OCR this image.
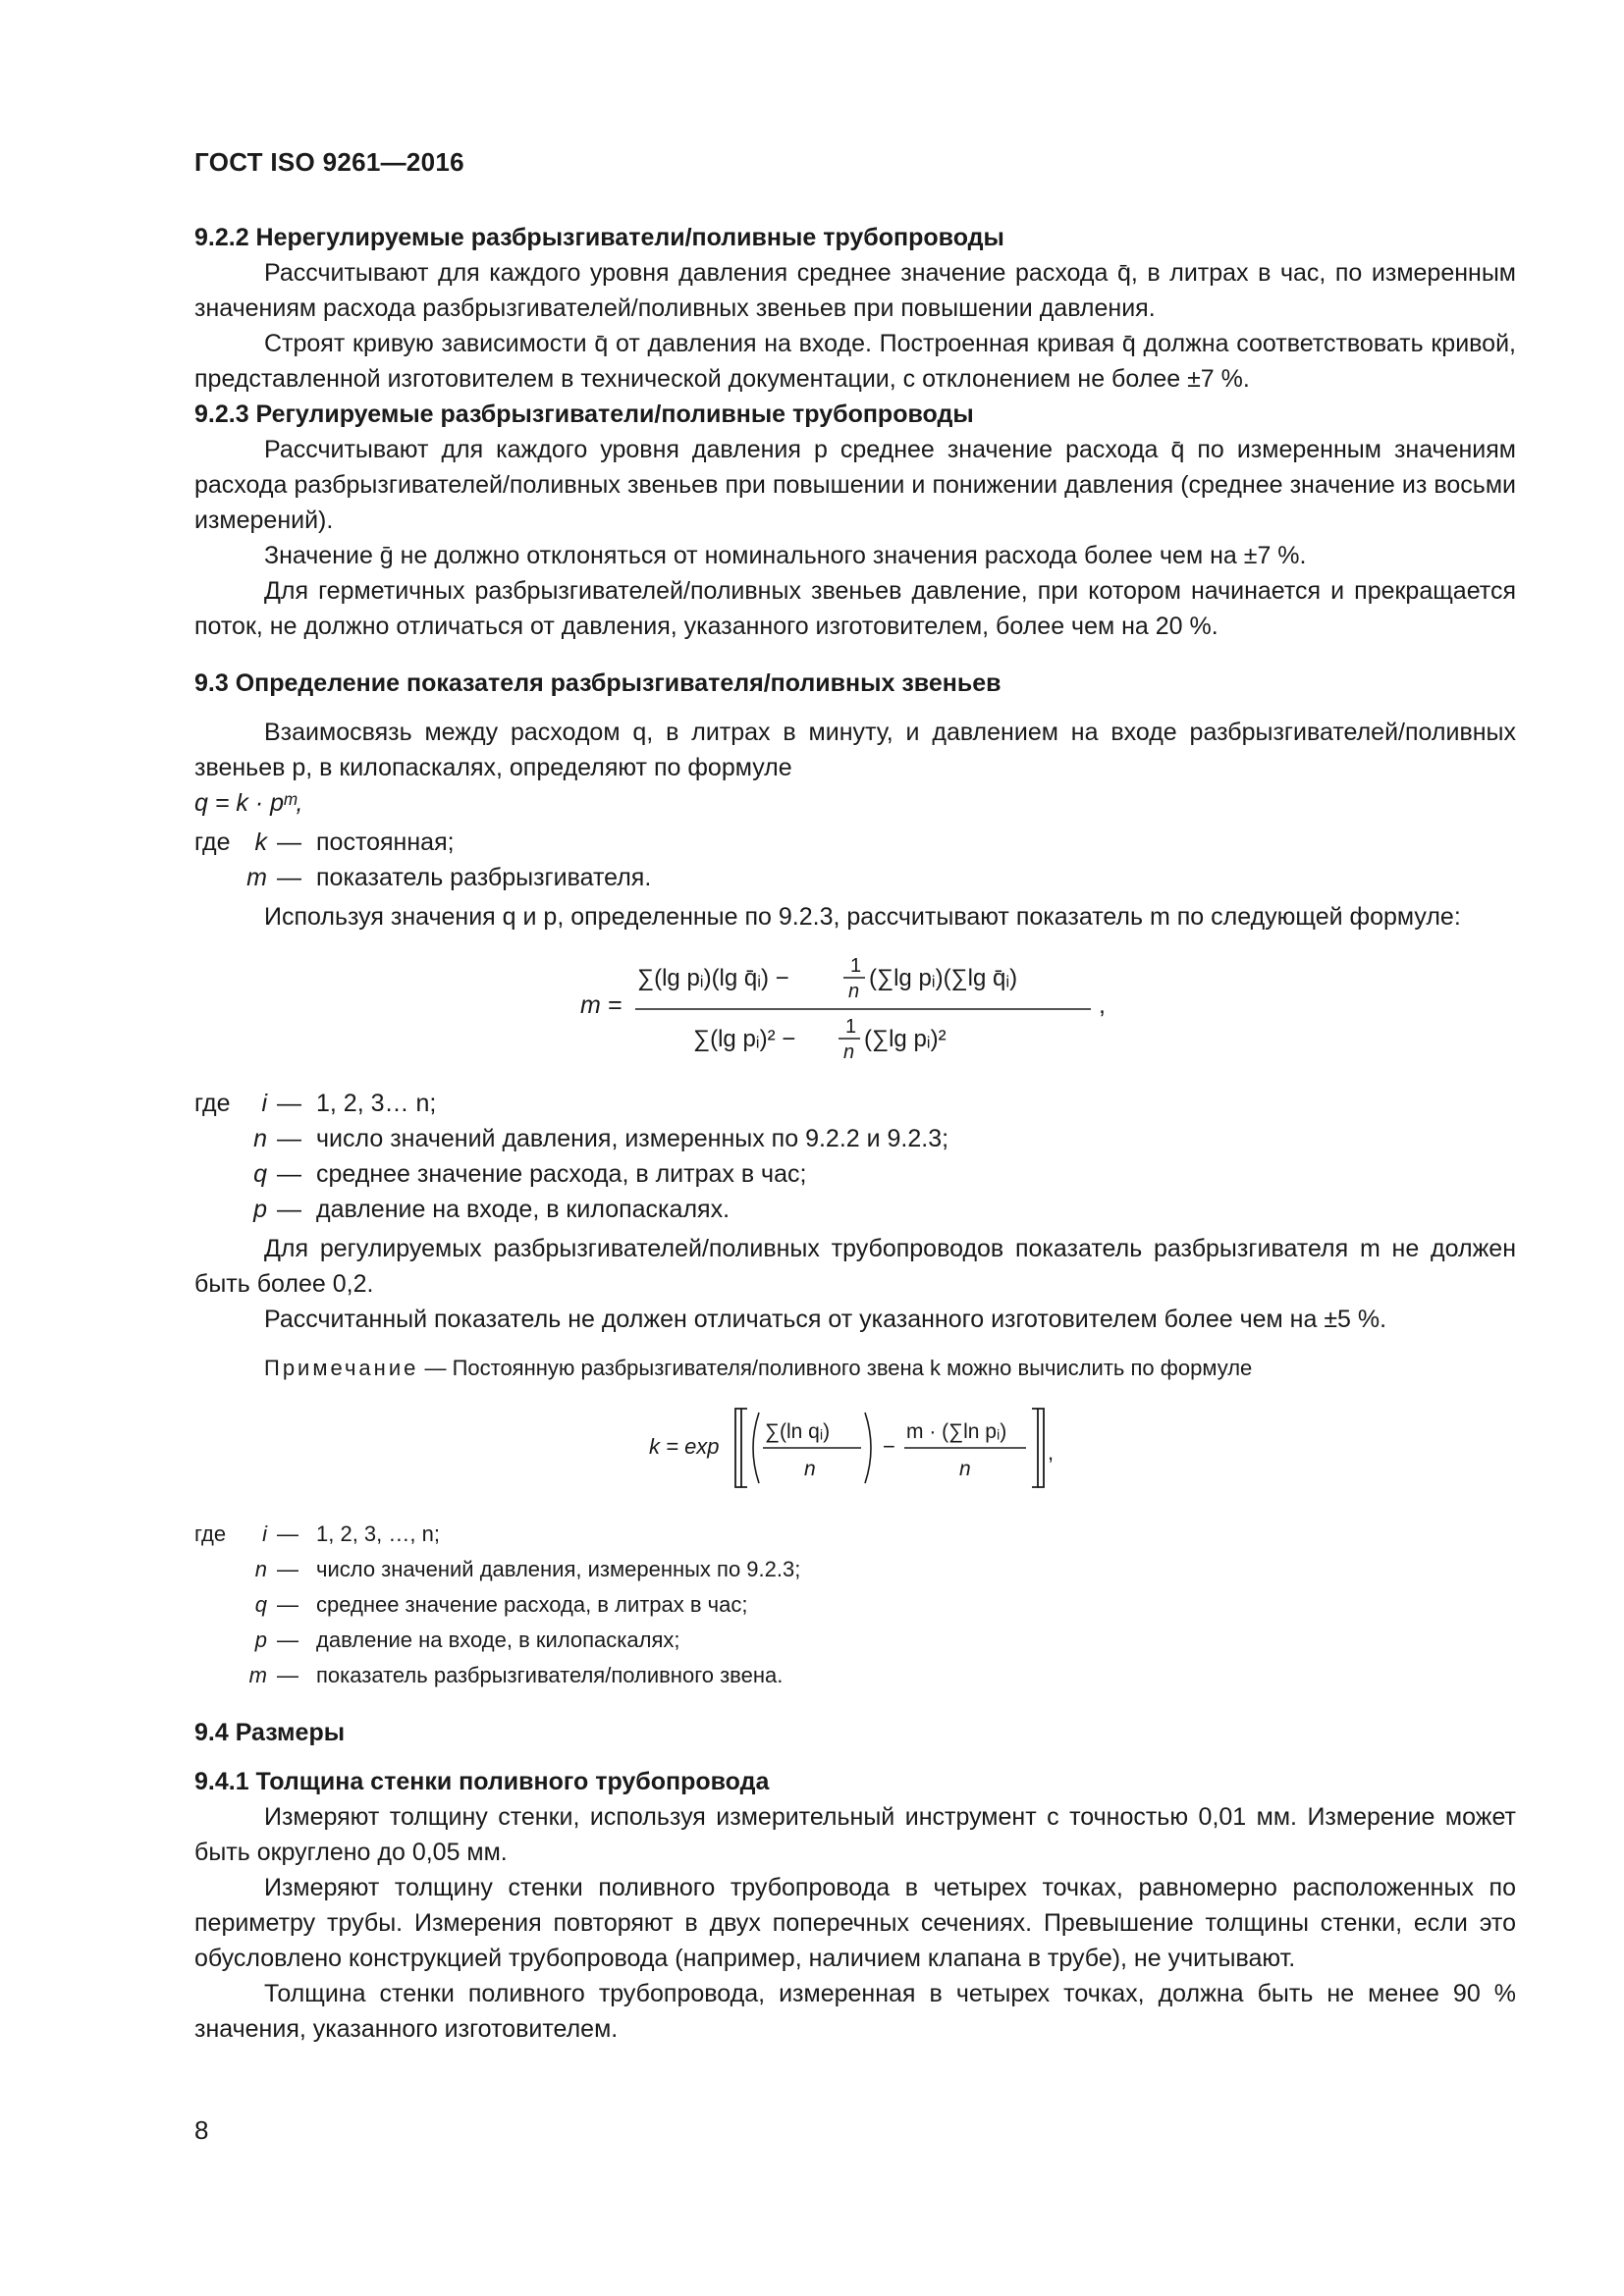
ГОСТ ISO 9261—2016

9.2.2 Нерегулируемые разбрызгиватели/поливные трубопроводы

Рассчитывают для каждого уровня давления среднее значение расхода q̄, в литрах в час, по измеренным значениям расхода разбрызгивателей/поливных звеньев при повышении давления.

Строят кривую зависимости q̄ от давления на входе. Построенная кривая q̄ должна соответствовать кривой, представленной изготовителем в технической документации, с отклонением не более ±7 %.

9.2.3 Регулируемые разбрызгиватели/поливные трубопроводы

Рассчитывают для каждого уровня давления p среднее значение расхода q̄ по измеренным значениям расхода разбрызгивателей/поливных звеньев при повышении и понижении давления (среднее значение из восьми измерений).

Значение ḡ не должно отклоняться от номинального значения расхода более чем на ±7 %.

Для герметичных разбрызгивателей/поливных звеньев давление, при котором начинается и прекращается поток, не должно отличаться от давления, указанного изготовителем, более чем на 20 %.

9.3 Определение показателя разбрызгивателя/поливных звеньев

Взаимосвязь между расходом q, в литрах в минуту, и давлением на входе разбрызгивателей/поливных звеньев p, в килопаскалях, определяют по формуле

q = k · pᵐ,

где	k — постоянная;
m — показатель разбрызгивателя.

Используя значения q и p, определенные по 9.2.3, рассчитывают показатель m по следующей формуле:

m =
∑(lg pᵢ)(lg q̄ᵢ) −	1
n (∑lg pᵢ)(∑lg q̄ᵢ)
∑(lg pᵢ)² −	1
n (∑lg pᵢ)²
,
где	i — 1, 2, 3… n;
n — число значений давления, измеренных по 9.2.2 и 9.2.3;
q — среднее значение расхода, в литрах в час;
p — давление на входе, в килопаскалях.

Для регулируемых разбрызгивателей/поливных трубопроводов показатель разбрызгивателя m не должен быть более 0,2.

Рассчитанный показатель не должен отличаться от указанного изготовителем более чем на ±5 %.

Примечание — Постоянную разбрызгивателя/поливного звена k можно вычислить по формуле

k = exp
∑(ln qᵢ)
n
−
m · (∑ln pᵢ)
n
,
где	i — 1, 2, 3, …, n;
n — число значений давления, измеренных по 9.2.3;
q — среднее значение расхода, в литрах в час;
p — давление на входе, в килопаскалях;
m — показатель разбрызгивателя/поливного звена.

9.4 Размеры

9.4.1 Толщина стенки поливного трубопровода

Измеряют толщину стенки, используя измерительный инструмент с точностью 0,01 мм. Измерение может быть округлено до 0,05 мм.

Измеряют толщину стенки поливного трубопровода в четырех точках, равномерно расположенных по периметру трубы. Измерения повторяют в двух поперечных сечениях. Превышение толщины стенки, если это обусловлено конструкцией трубопровода (например, наличием клапана в трубе), не учитывают.

Толщина стенки поливного трубопровода, измеренная в четырех точках, должна быть не менее 90 % значения, указанного изготовителем.

8
